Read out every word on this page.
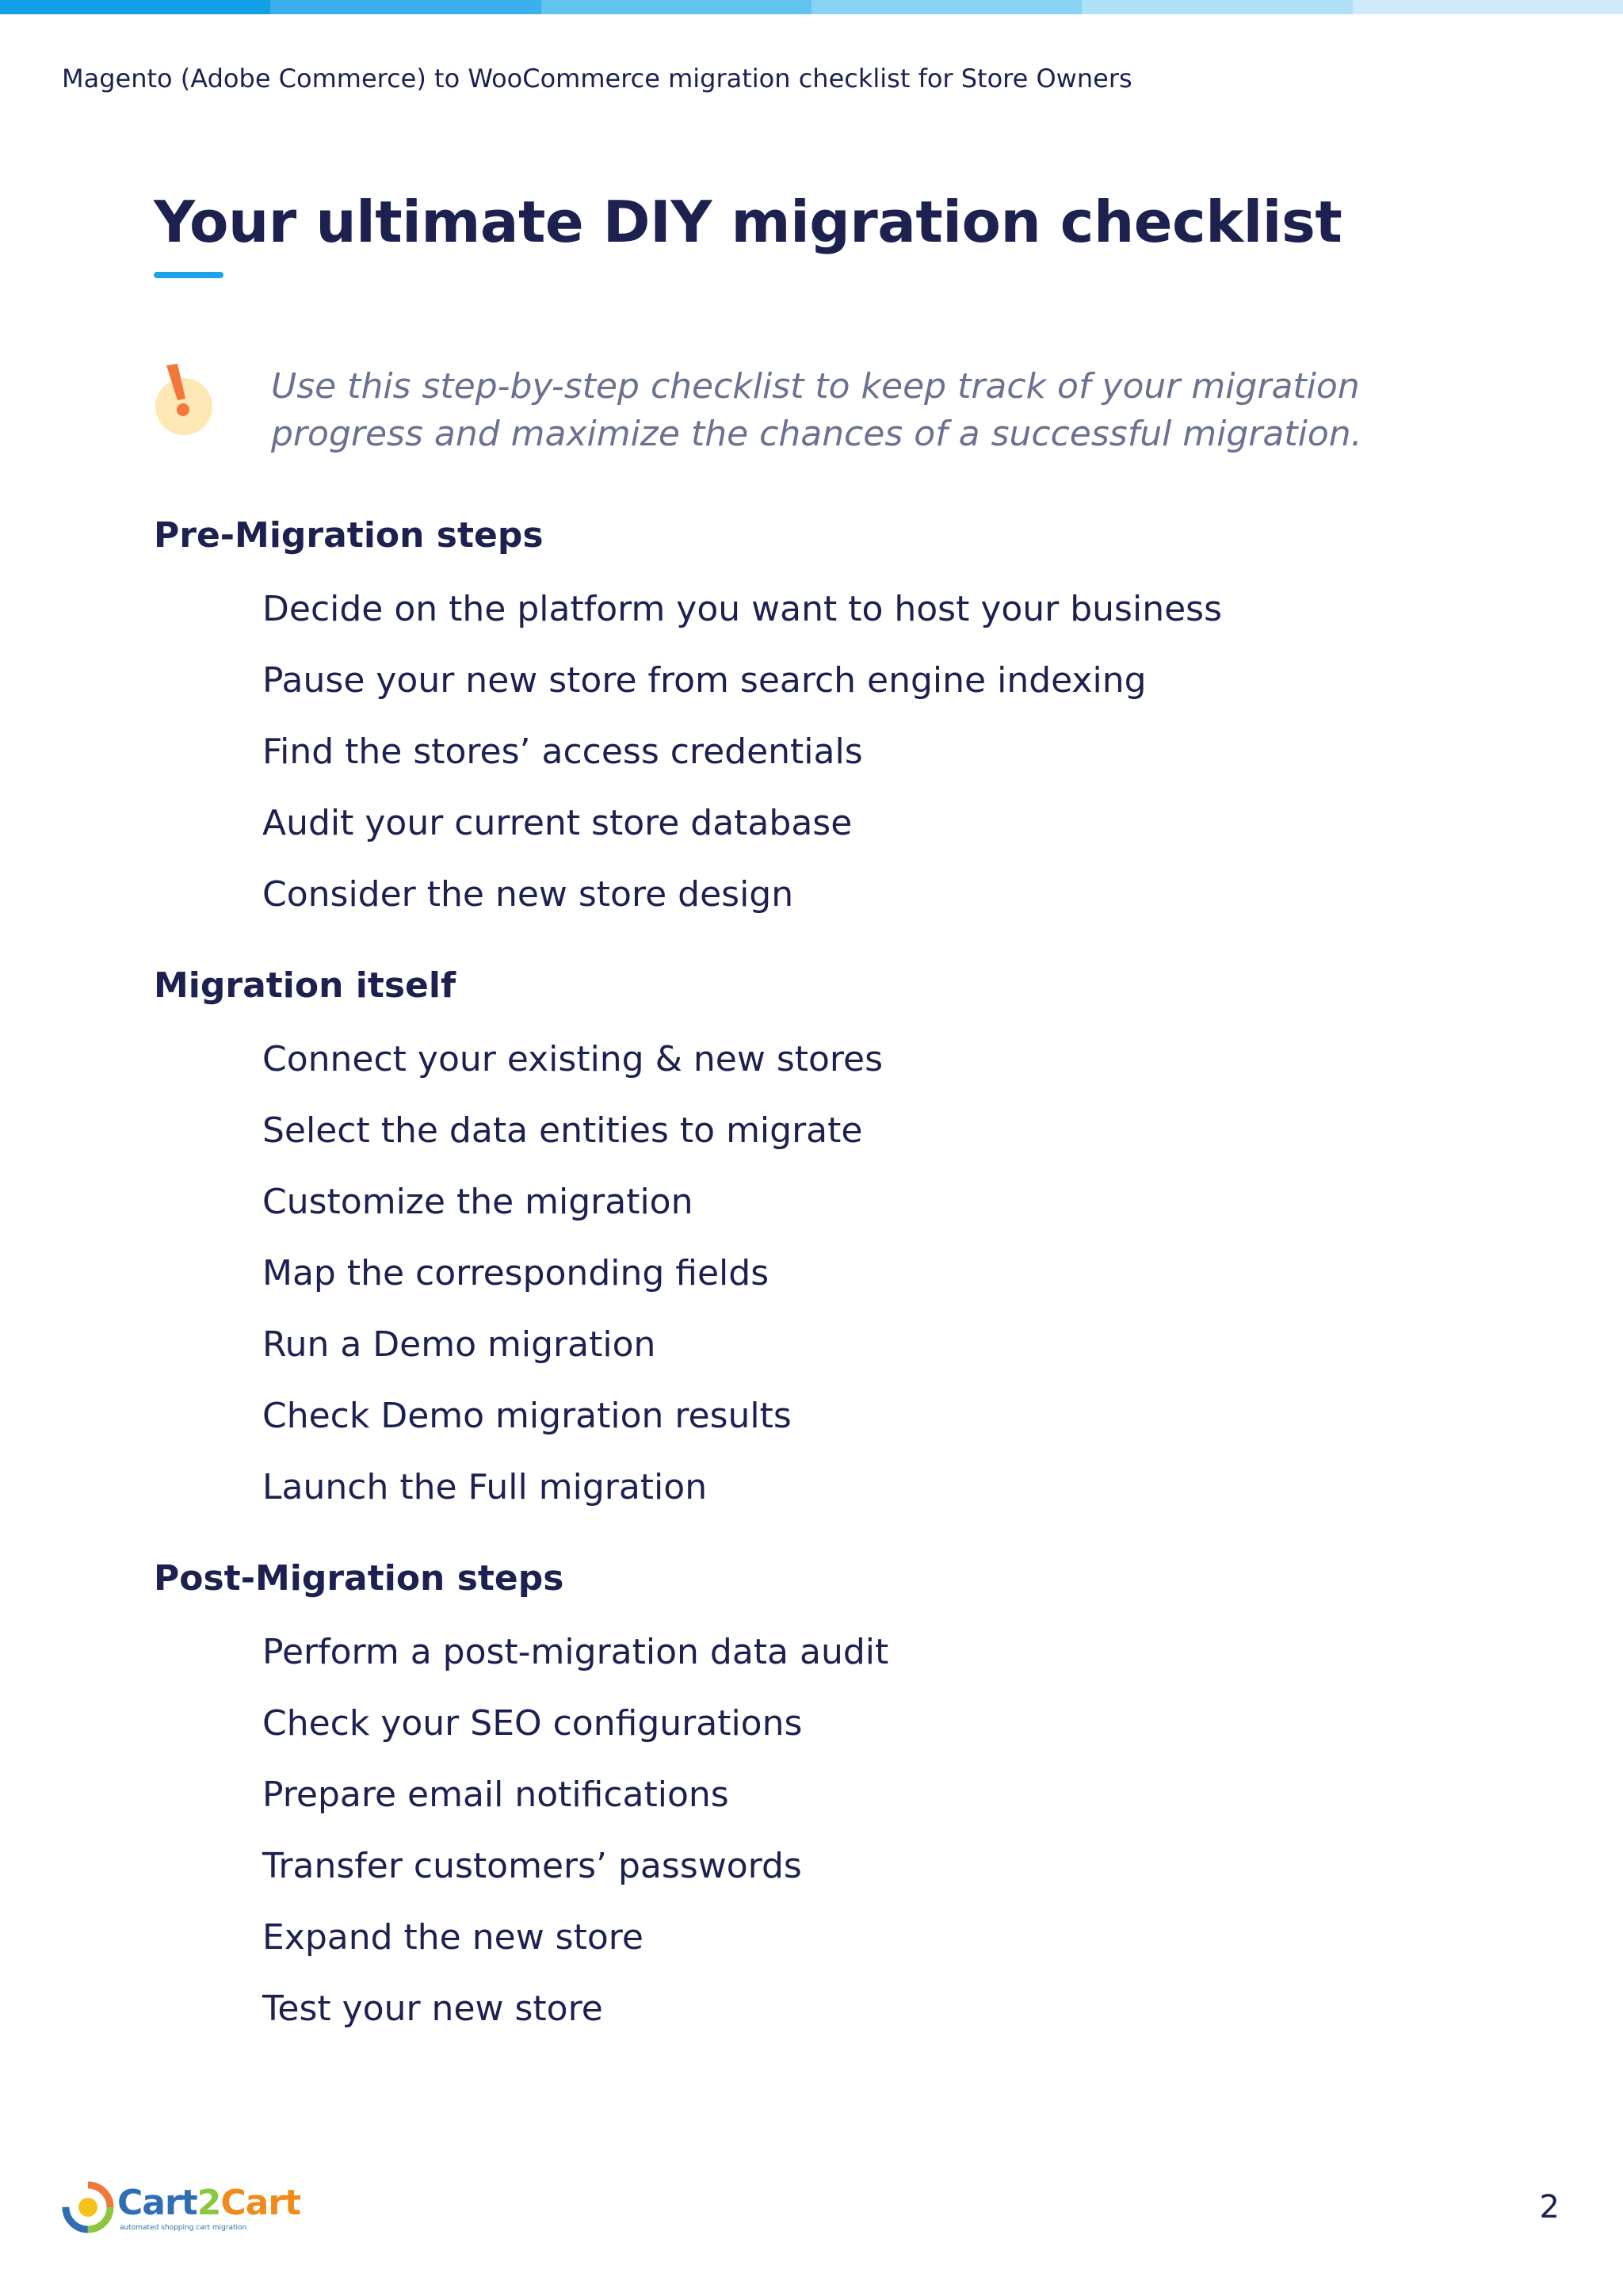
Magento (Adobe Commerce) to WooCommerce migration checklist for Store Owners
Your ultimate DIY migration checklist
Use this step-by-step checklist to keep track of your migration progress and maximize the chances of a successful migration.
Pre-Migration steps
Decide on the platform you want to host your business
Pause your new store from search engine indexing
Find the stores’ access credentials
Audit your current store database
Consider the new store design
Migration itself
Connect your existing & new stores
Select the data entities to migrate
Customize the migration
Map the corresponding fields
Run a Demo migration
Check Demo migration results
Launch the Full migration
Post-Migration steps
Perform a post-migration data audit
Check your SEO configurations
Prepare email notifications
Transfer customers’ passwords
Expand the new store
Test your new store
Cart2Cart
automated shopping cart migration
2
